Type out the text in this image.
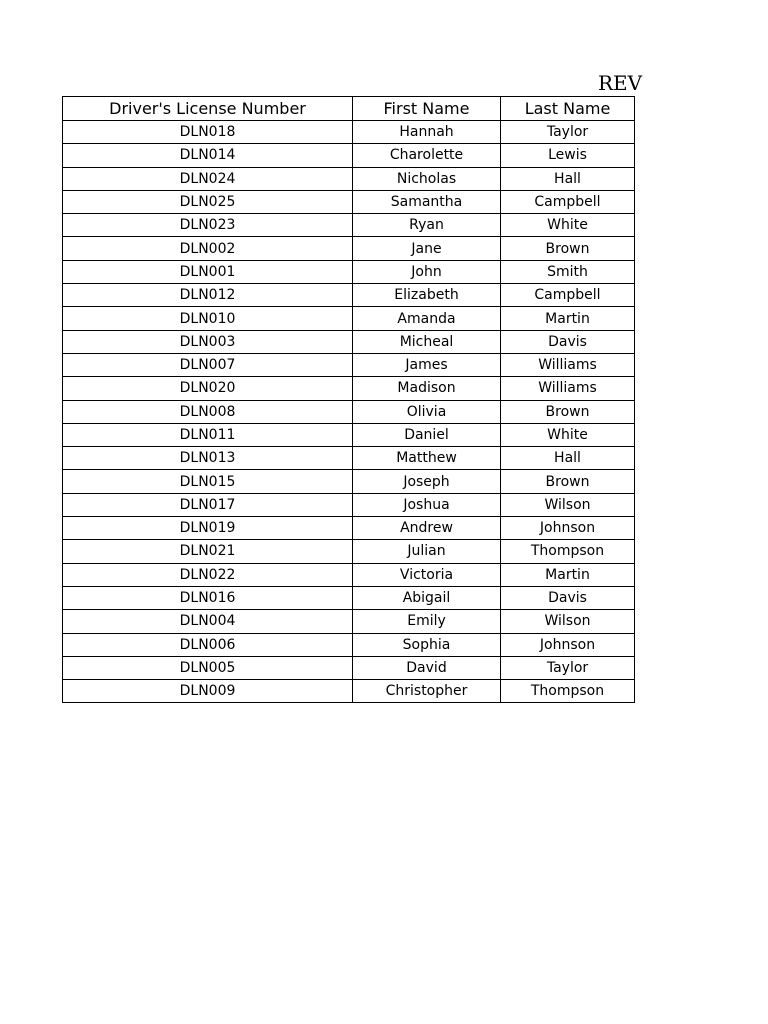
REV
Driver's License Number	First Name	Last Name
DLN018	Hannah	Taylor
DLN014	Charolette	Lewis
DLN024	Nicholas	Hall
DLN025	Samantha	Campbell
DLN023	Ryan	White
DLN002	Jane	Brown
DLN001	John	Smith
DLN012	Elizabeth	Campbell
DLN010	Amanda	Martin
DLN003	Micheal	Davis
DLN007	James	Williams
DLN020	Madison	Williams
DLN008	Olivia	Brown
DLN011	Daniel	White
DLN013	Matthew	Hall
DLN015	Joseph	Brown
DLN017	Joshua	Wilson
DLN019	Andrew	Johnson
DLN021	Julian	Thompson
DLN022	Victoria	Martin
DLN016	Abigail	Davis
DLN004	Emily	Wilson
DLN006	Sophia	Johnson
DLN005	David	Taylor
DLN009	Christopher	Thompson
